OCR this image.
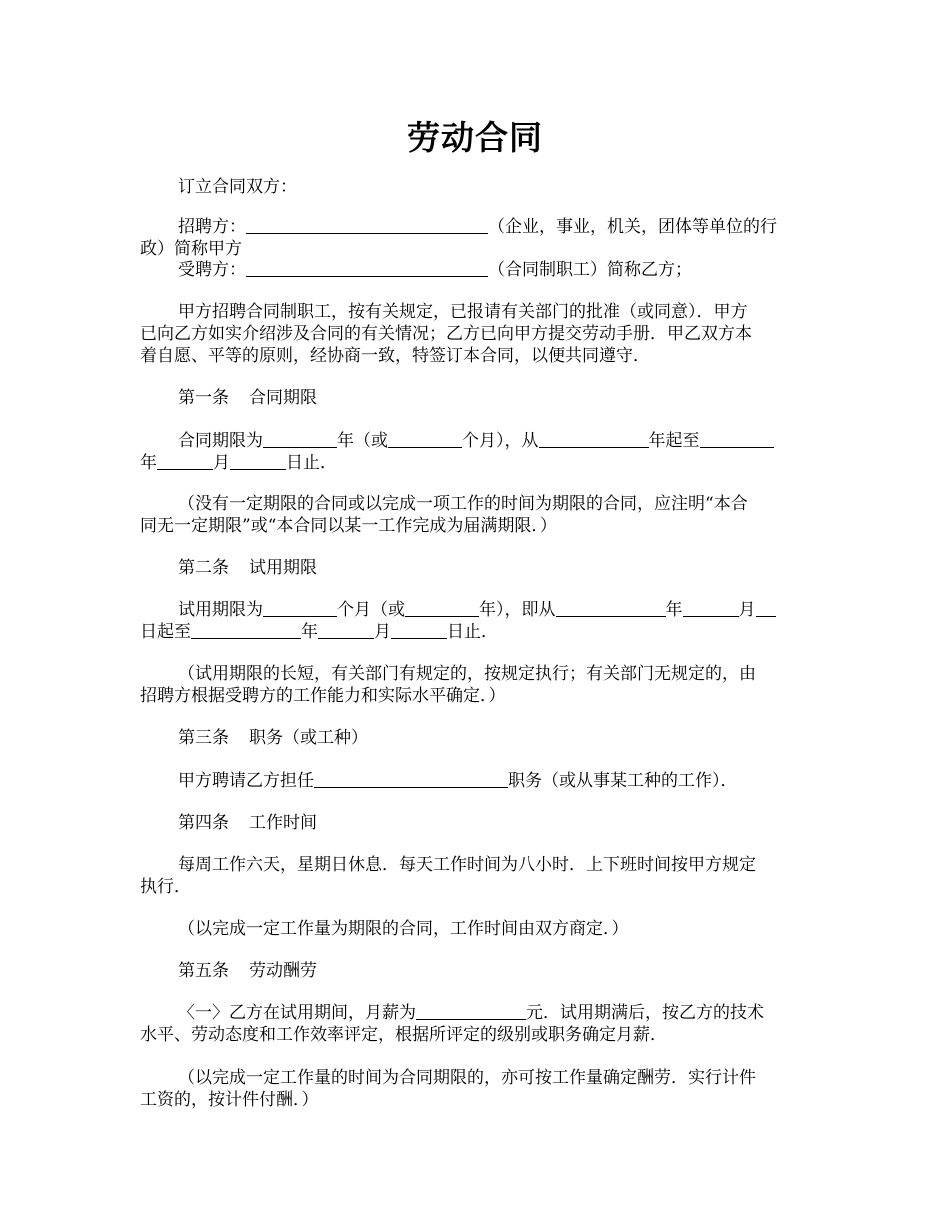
劳动合同
订立合同双方：
招聘方：	（企业，事业，机关，团体等单位的行
政）简称甲方
受聘方：	（合同制职工）简称乙方；
甲方招聘合同制职工，按有关规定，已报请有关部门的批准（或同意）．甲方
已向乙方如实介绍涉及合同的有关情况；乙方已向甲方提交劳动手册．甲乙双方本
着自愿、平等的原则，经协商一致，特签订本合同，以便共同遵守．
第一条 合同期限
合同期限为	年（或	个月），从	年起至
年	月	日止．
（没有一定期限的合同或以完成一项工作的时间为期限的合同，应注明“本合
同无一定期限”或“本合同以某一工作完成为届满期限．）
第二条 试用期限
试用期限为	个月（或	年），即从	年	月
日起至	年	月	日止．
（试用期限的长短，有关部门有规定的，按规定执行；有关部门无规定的，由
招聘方根据受聘方的工作能力和实际水平确定．）
第三条 职务（或工种）
甲方聘请乙方担任	职务（或从事某工种的工作）．
第四条 工作时间
每周工作六天，星期日休息．每天工作时间为八小时．上下班时间按甲方规定
执行．
（以完成一定工作量为期限的合同，工作时间由双方商定．）
第五条 劳动酬劳
〈一〉乙方在试用期间，月薪为	元．试用期满后，按乙方的技术
水平、劳动态度和工作效率评定，根据所评定的级别或职务确定月薪．
（以完成一定工作量的时间为合同期限的，亦可按工作量确定酬劳．实行计件
工资的，按计件付酬．）
